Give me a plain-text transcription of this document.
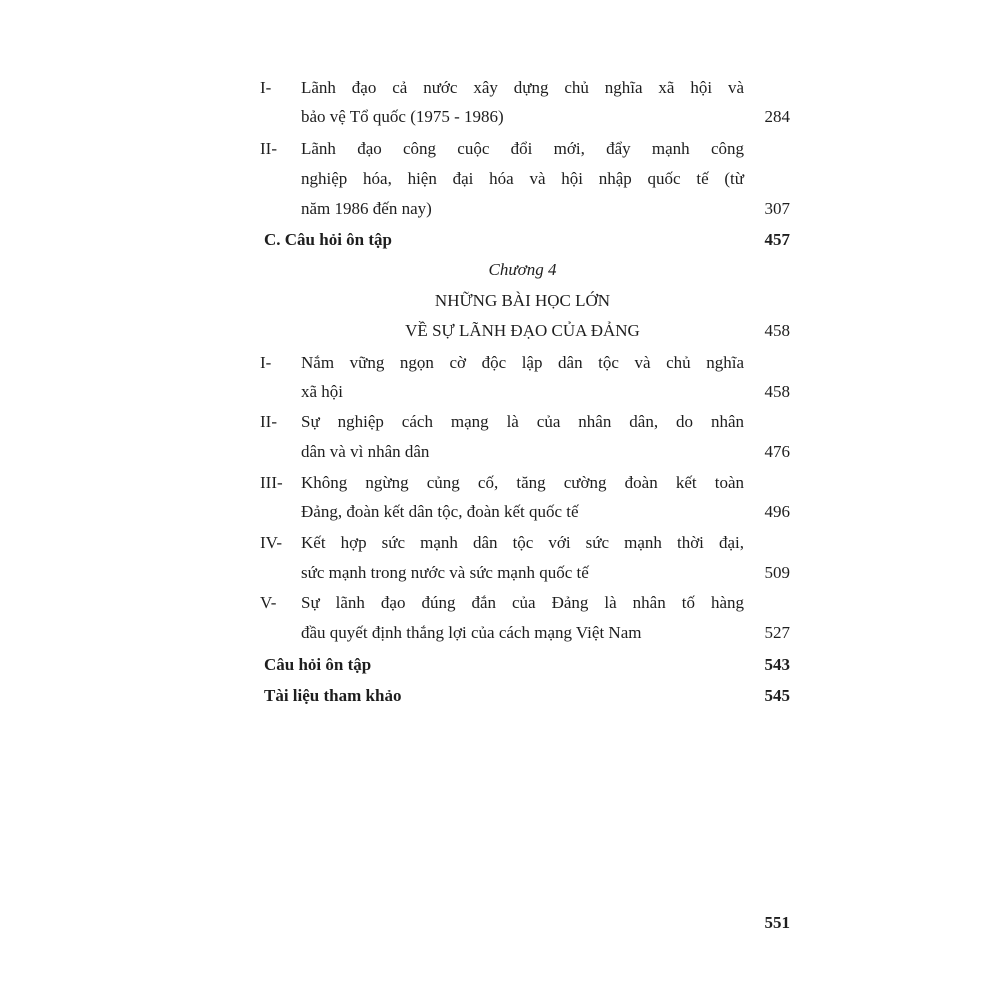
I- Lãnh đạo cả nước xây dựng chủ nghĩa xã hội và
bảo vệ Tổ quốc (1975 - 1986)	284
II- Lãnh đạo công cuộc đổi mới, đẩy mạnh công
nghiệp hóa, hiện đại hóa và hội nhập quốc tế (từ
năm 1986 đến nay)	307
C. Câu hỏi ôn tập	457
Chương 4
NHỮNG BÀI HỌC LỚN
VỀ SỰ LÃNH ĐẠO CỦA ĐẢNG	458
I- Nắm vững ngọn cờ độc lập dân tộc và chủ nghĩa
xã hội	458
II- Sự nghiệp cách mạng là của nhân dân, do nhân
dân và vì nhân dân	476
III- Không ngừng củng cố, tăng cường đoàn kết toàn
Đảng, đoàn kết dân tộc, đoàn kết quốc tế	496
IV- Kết hợp sức mạnh dân tộc với sức mạnh thời đại,
sức mạnh trong nước và sức mạnh quốc tế	509
V- Sự lãnh đạo đúng đắn của Đảng là nhân tố hàng
đầu quyết định thắng lợi của cách mạng Việt Nam	527
Câu hỏi ôn tập	543
Tài liệu tham khảo	545
551
